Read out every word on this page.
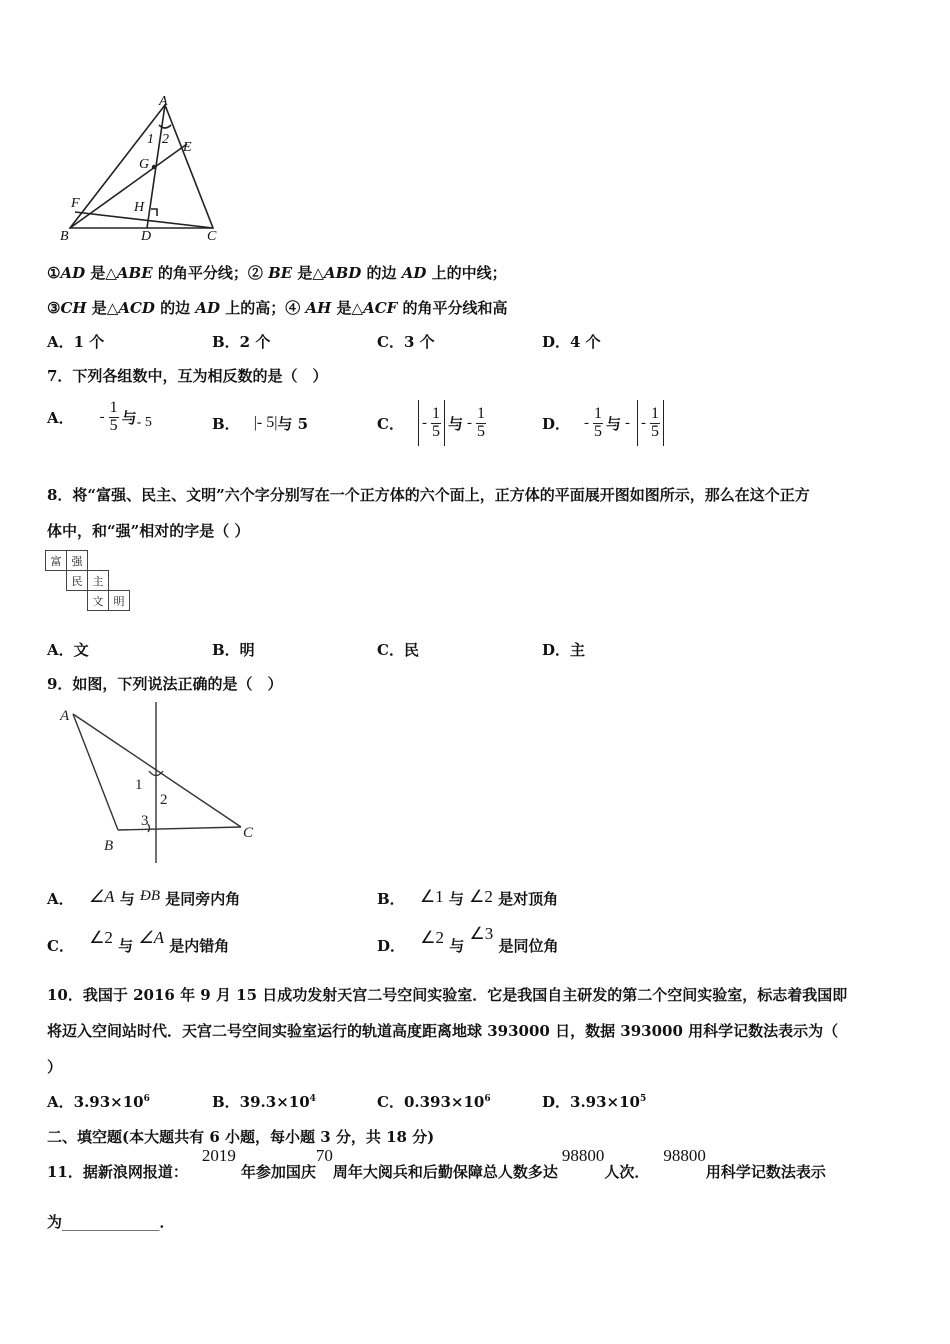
A
B	C
D
E
F
G
H
1 2
①AD 是△ABE 的角平分线；② BE 是△ABD 的边 AD 上的中线；
③CH 是△ACD 的边 AD 上的高；④ AH 是△ACF 的角平分线和高
A．1 个	B．2 个	C．3 个	D．4 个
7．下列各组数中，互为相反数的是（　）
A． - $\frac{1}{5}$ 与 - 5	B． |- 5| 与 5	C． - $\frac{1}{5}$ 与 - $\frac{1}{5}$	D． - $\frac{1}{5}$ 与 - - $\frac{1}{5}$
8．将“富强、民主、文明”六个字分别写在一个正方体的六个面上，正方体的平面展开图如图所示，那么在这个正方
体中，和“强”相对的字是（ ）
富 强
民 主
文 明
A．文	B．明	C．民	D．主
9．如图，下列说法正确的是（　）
A
B
C
1
2
3
A． ∠A 与 ÐB 是同旁内角	B． ∠1 与 ∠2 是对顶角
C． ∠2 与 ∠A 是内错角	D． ∠2 与 ∠3 是同位角
10．我国于 2016 年 9 月 15 日成功发射天宫二号空间实验室．它是我国自主研发的第二个空间实验室，标志着我国即
将迈入空间站时代．天宫二号空间实验室运行的轨道高度距离地球 393000 日，数据 393000 用科学记数法表示为（
）
A．$3.93\times 10^6$	B．$39.3\times 10^4$	C．$0.393\times 10^6$	D．$3.93\times 10^5$
二、填空题(本大题共有 6 小题，每小题 3 分，共 18 分)
11．据新浪网报道：
2019
年参加国庆
70
周年大阅兵和后勤保障总人数多达
98800
人次．
98800
用科学记数法表示
为_____________．
